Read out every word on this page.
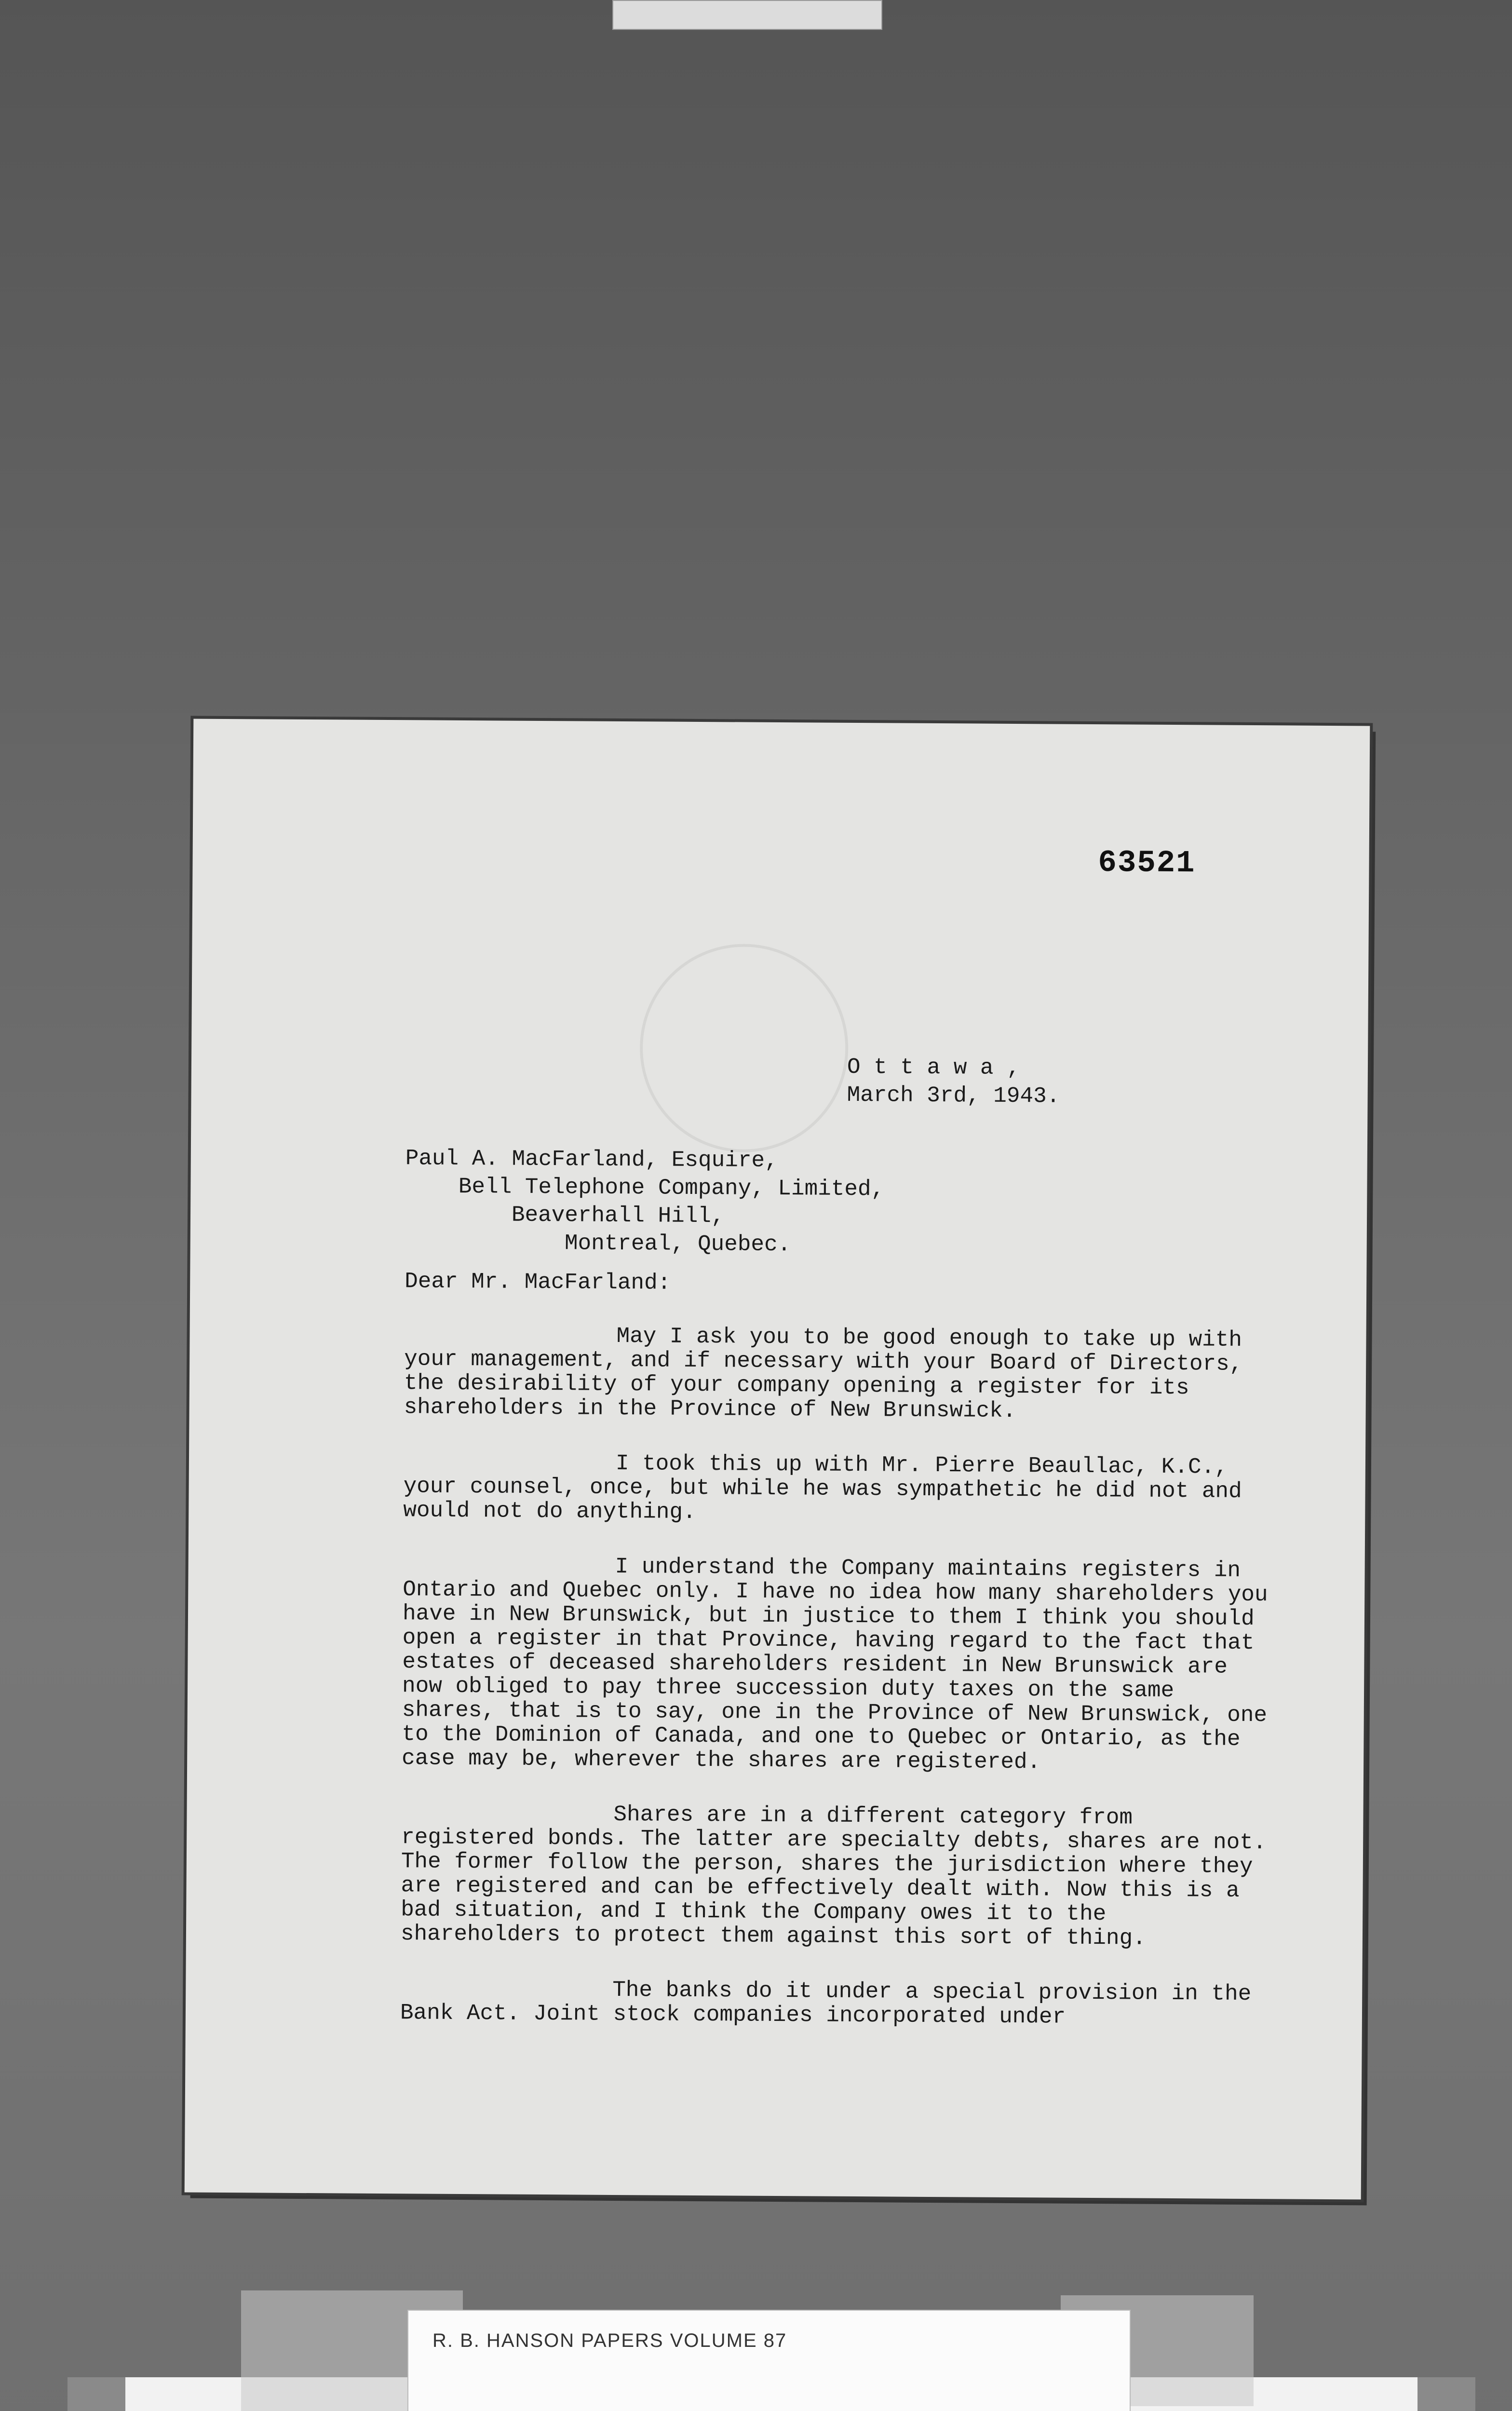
63521
O t t a w a ,
March 3rd, 1943.
Paul A. MacFarland, Esquire,
Bell Telephone Company, Limited,
Beaverhall Hill,
Montreal, Quebec.
Dear Mr. MacFarland:

May I ask you to be good enough to take up with your management, and if necessary with your Board of Directors, the desirability of your company opening a register for its shareholders in the Province of New Brunswick.

I took this up with Mr. Pierre Beaullac, K.C., your counsel, once, but while he was sympathetic he did not and would not do anything.

I understand the Company maintains registers in Ontario and Quebec only. I have no idea how many shareholders you have in New Brunswick, but in justice to them I think you should open a register in that Province, having regard to the fact that estates of deceased shareholders resident in New Brunswick are now obliged to pay three succession duty taxes on the same shares, that is to say, one in the Province of New Brunswick, one to the Dominion of Canada, and one to Quebec or Ontario, as the case may be, wherever the shares are registered.

Shares are in a different category from registered bonds. The latter are specialty debts, shares are not. The former follow the person, shares the jurisdiction where they are registered and can be effectively dealt with. Now this is a bad situation, and I think the Company owes it to the shareholders to protect them against this sort of thing.

The banks do it under a special provision in the Bank Act. Joint stock companies incorporated under

R. B. HANSON PAPERS VOLUME 87
